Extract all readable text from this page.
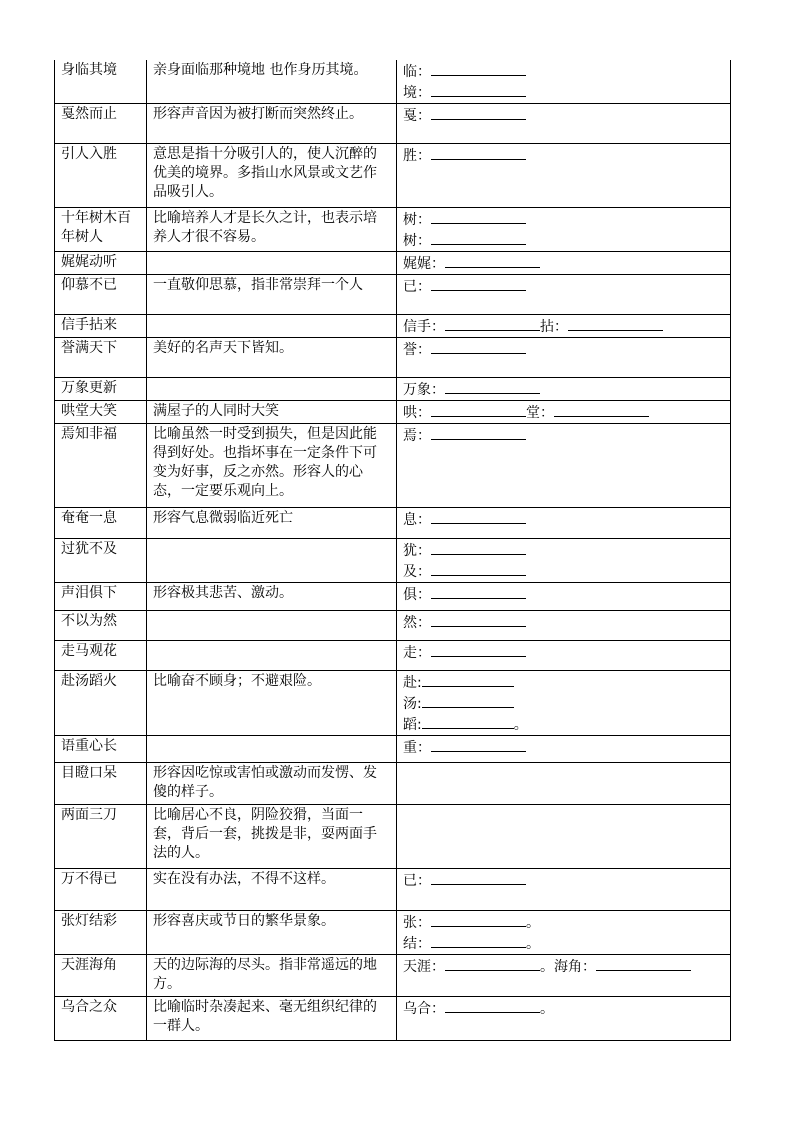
身临其境	亲身面临那种境地 也作身历其境。	临：
境：

戛然而止	形容声音因为被打断而突然终止。	戛：

引人入胜	意思是指十分吸引人的，使人沉醉的优美的境界。多指山水风景或文艺作品吸引人。	胜：

十年树木百年树人	比喻培养人才是长久之计，也表示培养人才很不容易。	树：
树：

娓娓动听		娓娓：

仰慕不已	一直敬仰思慕，指非常崇拜一个人	已：

信手拈来		信手： 拈：

誉满天下	美好的名声天下皆知。	誉：

万象更新		万象：

哄堂大笑	满屋子的人同时大笑	哄： 堂：

焉知非福	比喻虽然一时受到损失，但是因此能得到好处。也指坏事在一定条件下可变为好事，反之亦然。形容人的心态，一定要乐观向上。	焉：

奄奄一息	形容气息微弱临近死亡	息：

过犹不及		犹：
及：

声泪俱下	形容极其悲苦、激动。	俱：

不以为然		然：

走马观花		走：

赴汤蹈火	比喻奋不顾身；不避艰险。	赴:
汤:
蹈: 。

语重心长		重：

目瞪口呆	形容因吃惊或害怕或激动而发愣、发傻的样子。	
两面三刀	比喻居心不良，阴险狡猾，当面一套，背后一套，挑拨是非，耍两面手法的人。	
万不得已	实在没有办法，不得不这样。	已：

张灯结彩	形容喜庆或节日的繁华景象。	张： 。
结： 。

天涯海角	天的边际海的尽头。指非常遥远的地方。	天涯： 。海角：

乌合之众	比喻临时杂凑起来、毫无组织纪律的一群人。	乌合： 。
